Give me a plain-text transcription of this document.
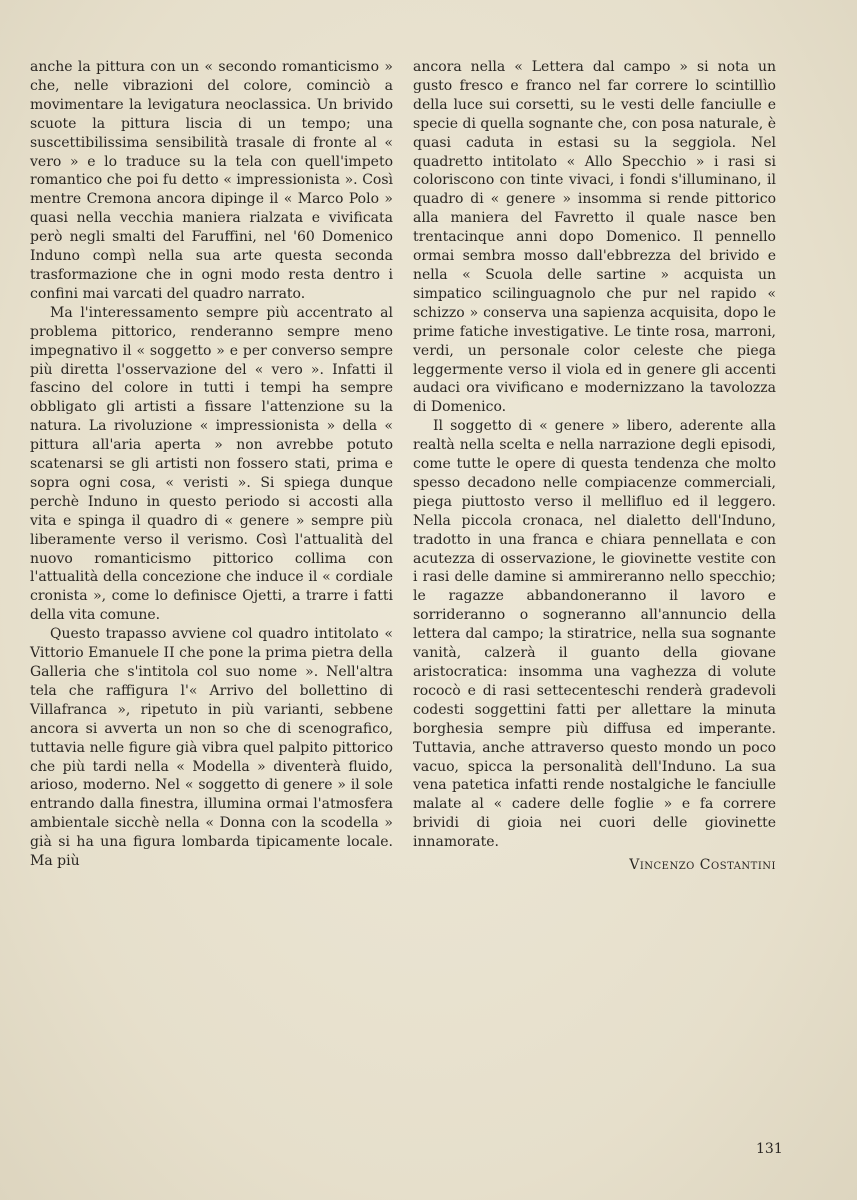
anche la pittura con un « secondo romanticismo » che, nelle vibrazioni del colore, cominciò a movimentare la levigatura neoclassica. Un brivido scuote la pittura liscia di un tempo; una suscettibilissima sensibilità trasale di fronte al « vero » e lo traduce su la tela con quell'impeto romantico che poi fu detto « impressionista ». Così mentre Cremona ancora dipinge il « Marco Polo » quasi nella vecchia maniera rialzata e vivificata però negli smalti del Faruffini, nel '60 Domenico Induno compì nella sua arte questa seconda trasformazione che in ogni modo resta dentro i confini mai varcati del quadro narrato.

Ma l'interessamento sempre più accentrato al problema pittorico, renderanno sempre meno impegnativo il « soggetto » e per converso sempre più diretta l'osservazione del « vero ». Infatti il fascino del colore in tutti i tempi ha sempre obbligato gli artisti a fissare l'attenzione su la natura. La rivoluzione « impressionista » della « pittura all'aria aperta » non avrebbe potuto scatenarsi se gli artisti non fossero stati, prima e sopra ogni cosa, « veristi ». Si spiega dunque perchè Induno in questo periodo si accosti alla vita e spinga il quadro di « genere » sempre più liberamente verso il verismo. Così l'attualità del nuovo romanticismo pittorico collima con l'attualità della concezione che induce il « cordiale cronista », come lo definisce Ojetti, a trarre i fatti della vita comune.

Questo trapasso avviene col quadro intitolato « Vittorio Emanuele II che pone la prima pietra della Galleria che s'intitola col suo nome ». Nell'altra tela che raffigura l'« Arrivo del bollettino di Villafranca », ripetuto in più varianti, sebbene ancora si avverta un non so che di scenografico, tuttavia nelle figure già vibra quel palpito pittorico che più tardi nella « Modella » diventerà fluido, arioso, moderno. Nel « soggetto di genere » il sole entrando dalla finestra, illumina ormai l'atmosfera ambientale sicchè nella « Donna con la scodella » già si ha una figura lombarda tipicamente locale. Ma più

ancora nella « Lettera dal campo » si nota un gusto fresco e franco nel far correre lo scintillìo della luce sui corsetti, su le vesti delle fanciulle e specie di quella sognante che, con posa naturale, è quasi caduta in estasi su la seggiola. Nel quadretto intitolato « Allo Specchio » i rasi si coloriscono con tinte vivaci, i fondi s'illuminano, il quadro di « genere » insomma si rende pittorico alla maniera del Favretto il quale nasce ben trentacinque anni dopo Domenico. Il pennello ormai sembra mosso dall'ebbrezza del brivido e nella « Scuola delle sartine » acquista un simpatico scilinguagnolo che pur nel rapido « schizzo » conserva una sapienza acquisita, dopo le prime fatiche investigative. Le tinte rosa, marroni, verdi, un personale color celeste che piega leggermente verso il viola ed in genere gli accenti audaci ora vivificano e modernizzano la tavolozza di Domenico.

Il soggetto di « genere » libero, aderente alla realtà nella scelta e nella narrazione degli episodi, come tutte le opere di questa tendenza che molto spesso decadono nelle compiacenze commerciali, piega piuttosto verso il mellifluo ed il leggero. Nella piccola cronaca, nel dialetto dell'Induno, tradotto in una franca e chiara pennellata e con acutezza di osservazione, le giovinette vestite con i rasi delle damine si ammireranno nello specchio; le ragazze abbandoneranno il lavoro e sorrideranno o sogneranno all'annuncio della lettera dal campo; la stiratrice, nella sua sognante vanità, calzerà il guanto della giovane aristocratica: insomma una vaghezza di volute rococò e di rasi settecenteschi renderà gradevoli codesti soggettini fatti per allettare la minuta borghesia sempre più diffusa ed imperante. Tuttavia, anche attraverso questo mondo un poco vacuo, spicca la personalità dell'Induno. La sua vena patetica infatti rende nostalgiche le fanciulle malate al « cadere delle foglie » e fa correre brividi di gioia nei cuori delle giovinette innamorate.

Vincenzo Costantini
131
